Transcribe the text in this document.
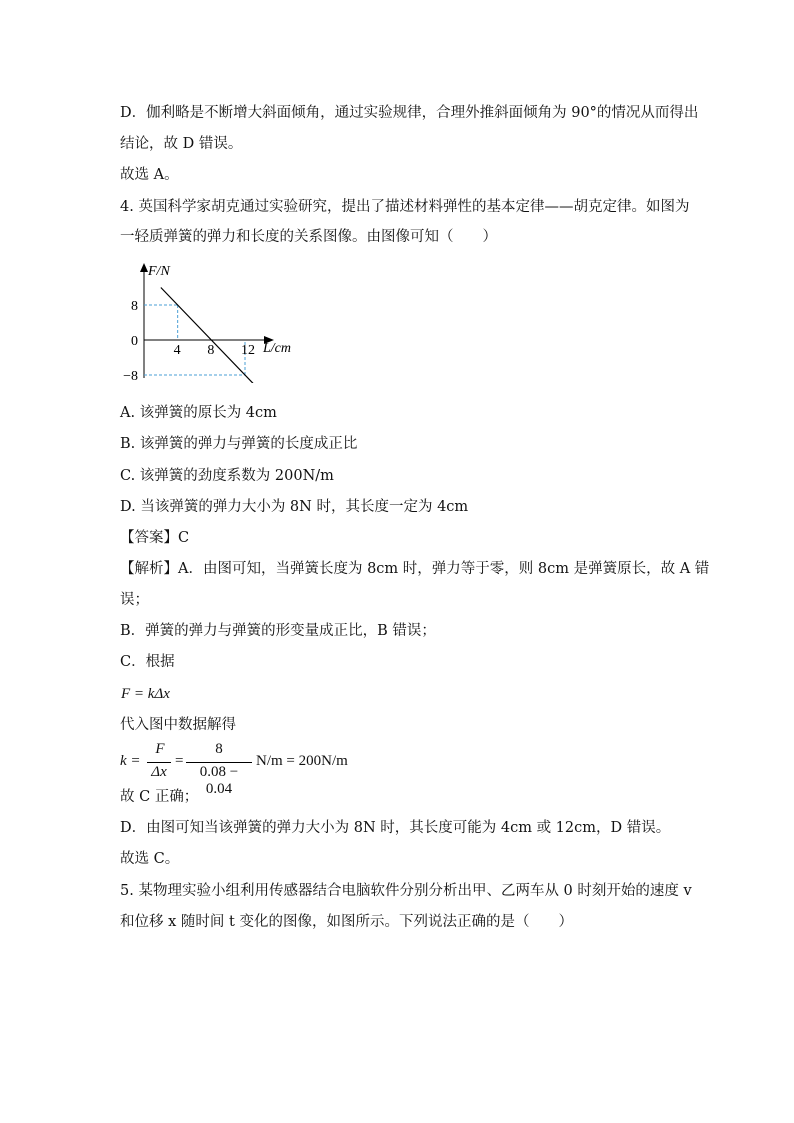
D．伽利略是不断增大斜面倾角，通过实验规律，合理外推斜面倾角为 90°的情况从而得出
结论，故 D 错误。
故选 A。
4. 英国科学家胡克通过实验研究，提出了描述材料弹性的基本定律——胡克定律。如图为
一轻质弹簧的弹力和长度的关系图像。由图像可知（　　）
4 8 12
8
0
−8
F/N
L/cm
A. 该弹簧的原长为 4cm
B. 该弹簧的弹力与弹簧的长度成正比
C. 该弹簧的劲度系数为 200N/m
D. 当该弹簧的弹力大小为 8N 时，其长度一定为 4cm
【答案】C
【解析】A．由图可知，当弹簧长度为 8cm 时，弹力等于零，则 8cm 是弹簧原长，故 A 错
误；
B．弹簧的弹力与弹簧的形变量成正比，B 错误；
C．根据
F = kΔx
代入图中数据解得
k =
F
Δx
=
8
0.08 − 0.04
N/m = 200N/m
故 C 正确；
D．由图可知当该弹簧的弹力大小为 8N 时，其长度可能为 4cm 或 12cm，D 错误。
故选 C。
5. 某物理实验小组利用传感器结合电脑软件分别分析出甲、乙两车从 0 时刻开始的速度 v
和位移 x 随时间 t 变化的图像，如图所示。下列说法正确的是（　　）
